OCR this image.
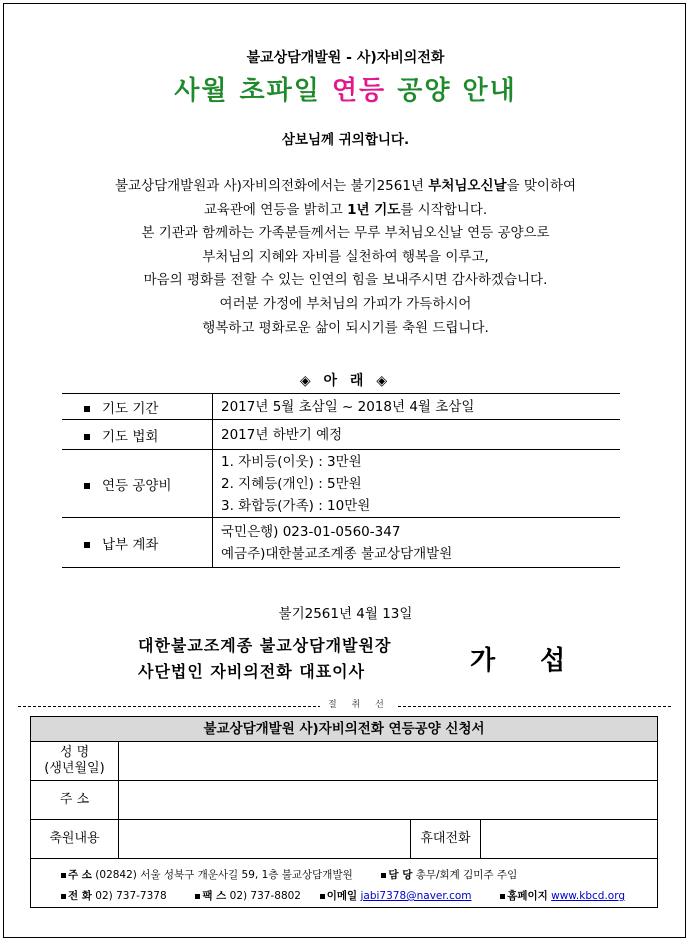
불교상담개발원 - 사)자비의전화
사월 초파일 연등 공양 안내
삼보님께 귀의합니다.
불교상담개발원과 사)자비의전화에서는 불기2561년 부처님오신날을 맞이하여
교육관에 연등을 밝히고 1년 기도를 시작합니다.
본 기관과 함께하는 가족분들께서는 무루 부처님오신날 연등 공양으로
부처님의 지혜와 자비를 실천하여 행복을 이루고,
마음의 평화를 전할 수 있는 인연의 힘을 보내주시면 감사하겠습니다.
여러분 가정에 부처님의 가피가 가득하시어
행복하고 평화로운 삶이 되시기를 축원 드립니다.
◈ 아 래 ◈
기도 기간	2017년 5월 초삼일 ~ 2018년 4월 초삼일

기도 법회	2017년 하반기 예정

연등 공양비	1. 자비등(이웃) : 3만원
2. 지혜등(개인) : 5만원
3. 화합등(가족) : 10만원

납부 계좌	국민은행) 023-01-0560-347
예금주)대한불교조계종 불교상담개발원
불기2561년 4월 13일
대한불교조계종 불교상담개발원장
사단법인 자비의전화 대표이사	가 섭
절 취 선
불교상담개발원 사)자비의전화 연등공양 신청서
성 명
(생년월일)
주 소
축원내용	휴대전화
주 소 (02842) 서울 성북구 개운사길 59, 1층 불교상담개발원	담 당 총무/회계 김미주 주임
전 화 02) 737-7378	팩 스 02) 737-8802 이메일 jabi7378@naver.com	홈페이지 www.kbcd.org
